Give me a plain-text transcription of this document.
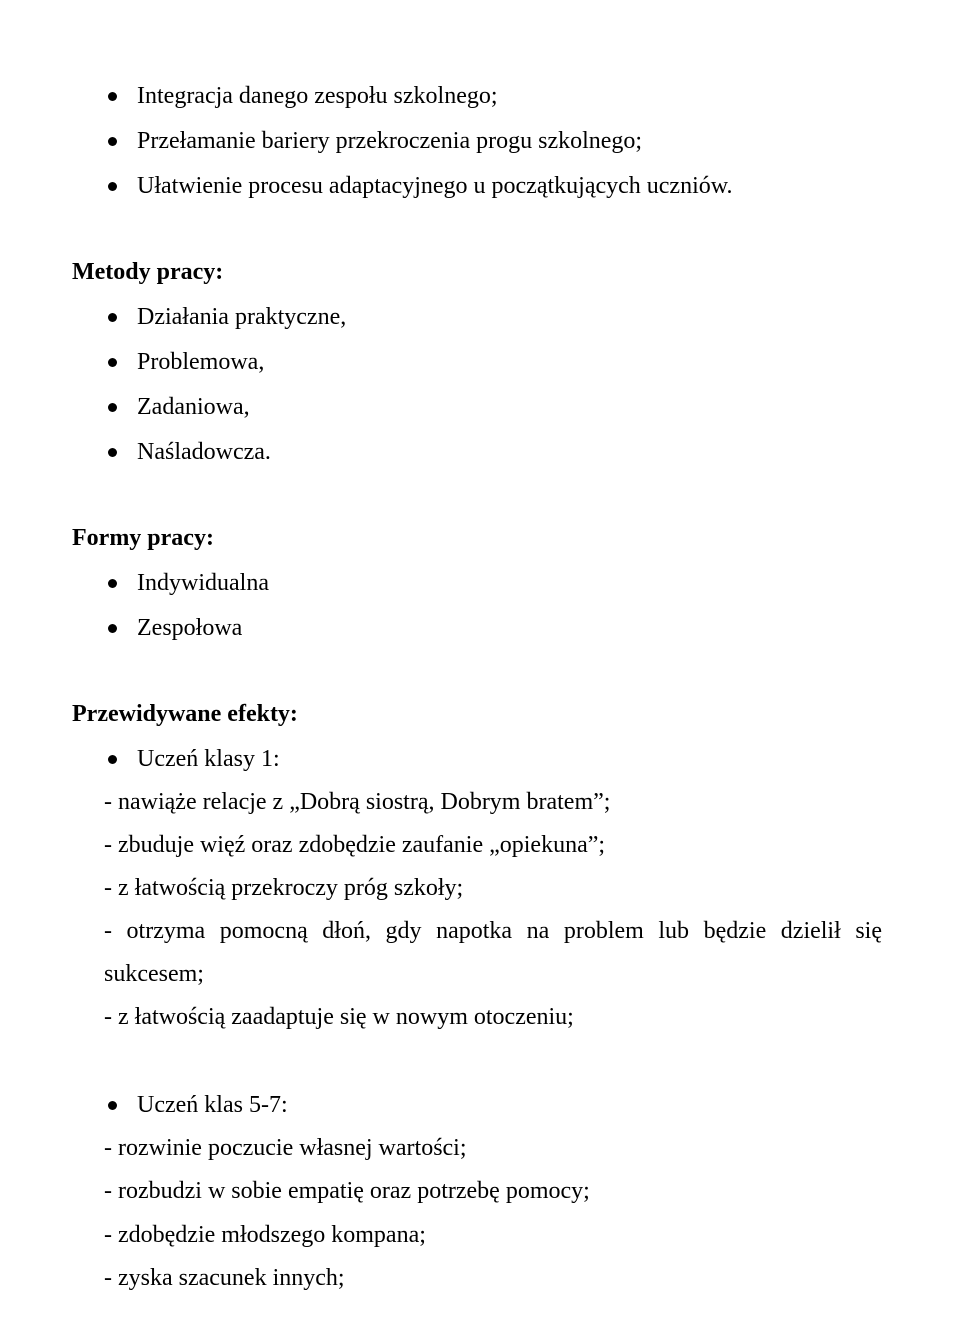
Integracja danego zespołu szkolnego;
Przełamanie bariery przekroczenia progu szkolnego;
Ułatwienie procesu adaptacyjnego u początkujących uczniów.
Metody pracy:
Działania praktyczne,
Problemowa,
Zadaniowa,
Naśladowcza.
Formy pracy:
Indywidualna
Zespołowa
Przewidywane efekty:
Uczeń klasy 1:
- nawiąże relacje z „Dobrą siostrą, Dobrym bratem”;
- zbuduje więź oraz zdobędzie zaufanie „opiekuna”;
- z łatwością przekroczy próg szkoły;
- otrzyma pomocną dłoń, gdy napotka na problem lub będzie dzielił się
sukcesem;
- z łatwością zaadaptuje się w nowym otoczeniu;
Uczeń klas 5-7:
- rozwinie poczucie własnej wartości;
- rozbudzi w sobie empatię oraz potrzebę pomocy;
- zdobędzie młodszego kompana;
- zyska szacunek innych;
